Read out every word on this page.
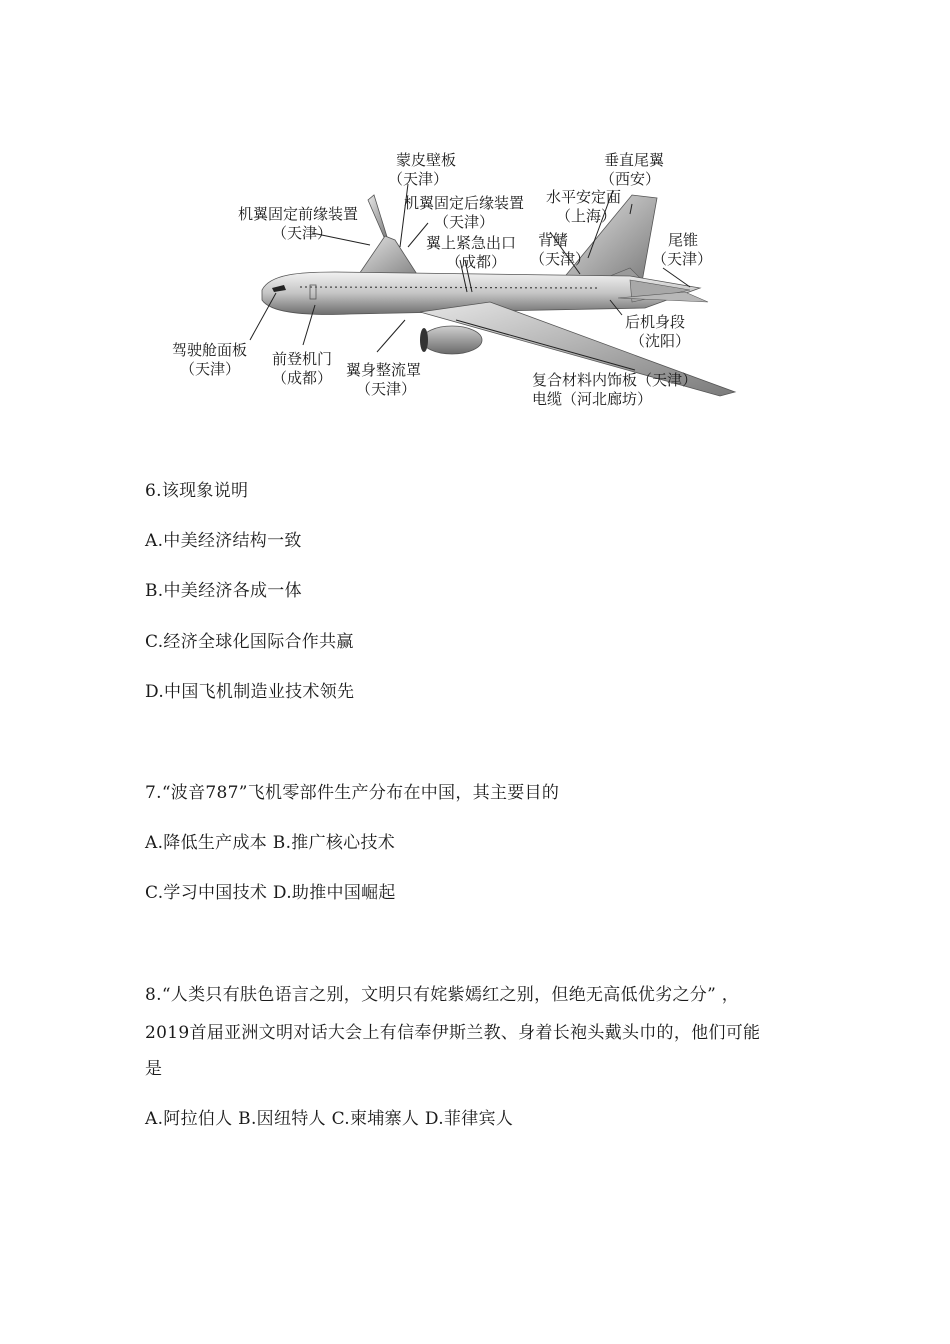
蒙皮壁板
（天津）
垂直尾翼
（西安）
机翼固定前缘装置
（天津）
机翼固定后缘装置
（天津）
水平安定面
（上海）
背鳍
（天津）
尾锥
（天津）
翼上紧急出口
（成都）
后机身段
（沈阳）
驾驶舱面板
（天津）
前登机门
（成都） 翼身整流罩
（天津）	复合材料内饰板（天津）
电缆（河北廊坊）
6.该现象说明
A.中美经济结构一致
B.中美经济各成一体
C.经济全球化国际合作共赢
D.中国飞机制造业技术领先
7.“波音787”飞机零部件生产分布在中国，其主要目的
A.降低生产成本 B.推广核心技术
C.学习中国技术 D.助推中国崛起
8.“人类只有肤色语言之别，文明只有姹紫嫣红之别，但绝无高低优劣之分” ，
2019首届亚洲文明对话大会上有信奉伊斯兰教、身着长袍头戴头巾的，他们可能
是
A.阿拉伯人 B.因纽特人 C.柬埔寨人 D.菲律宾人
